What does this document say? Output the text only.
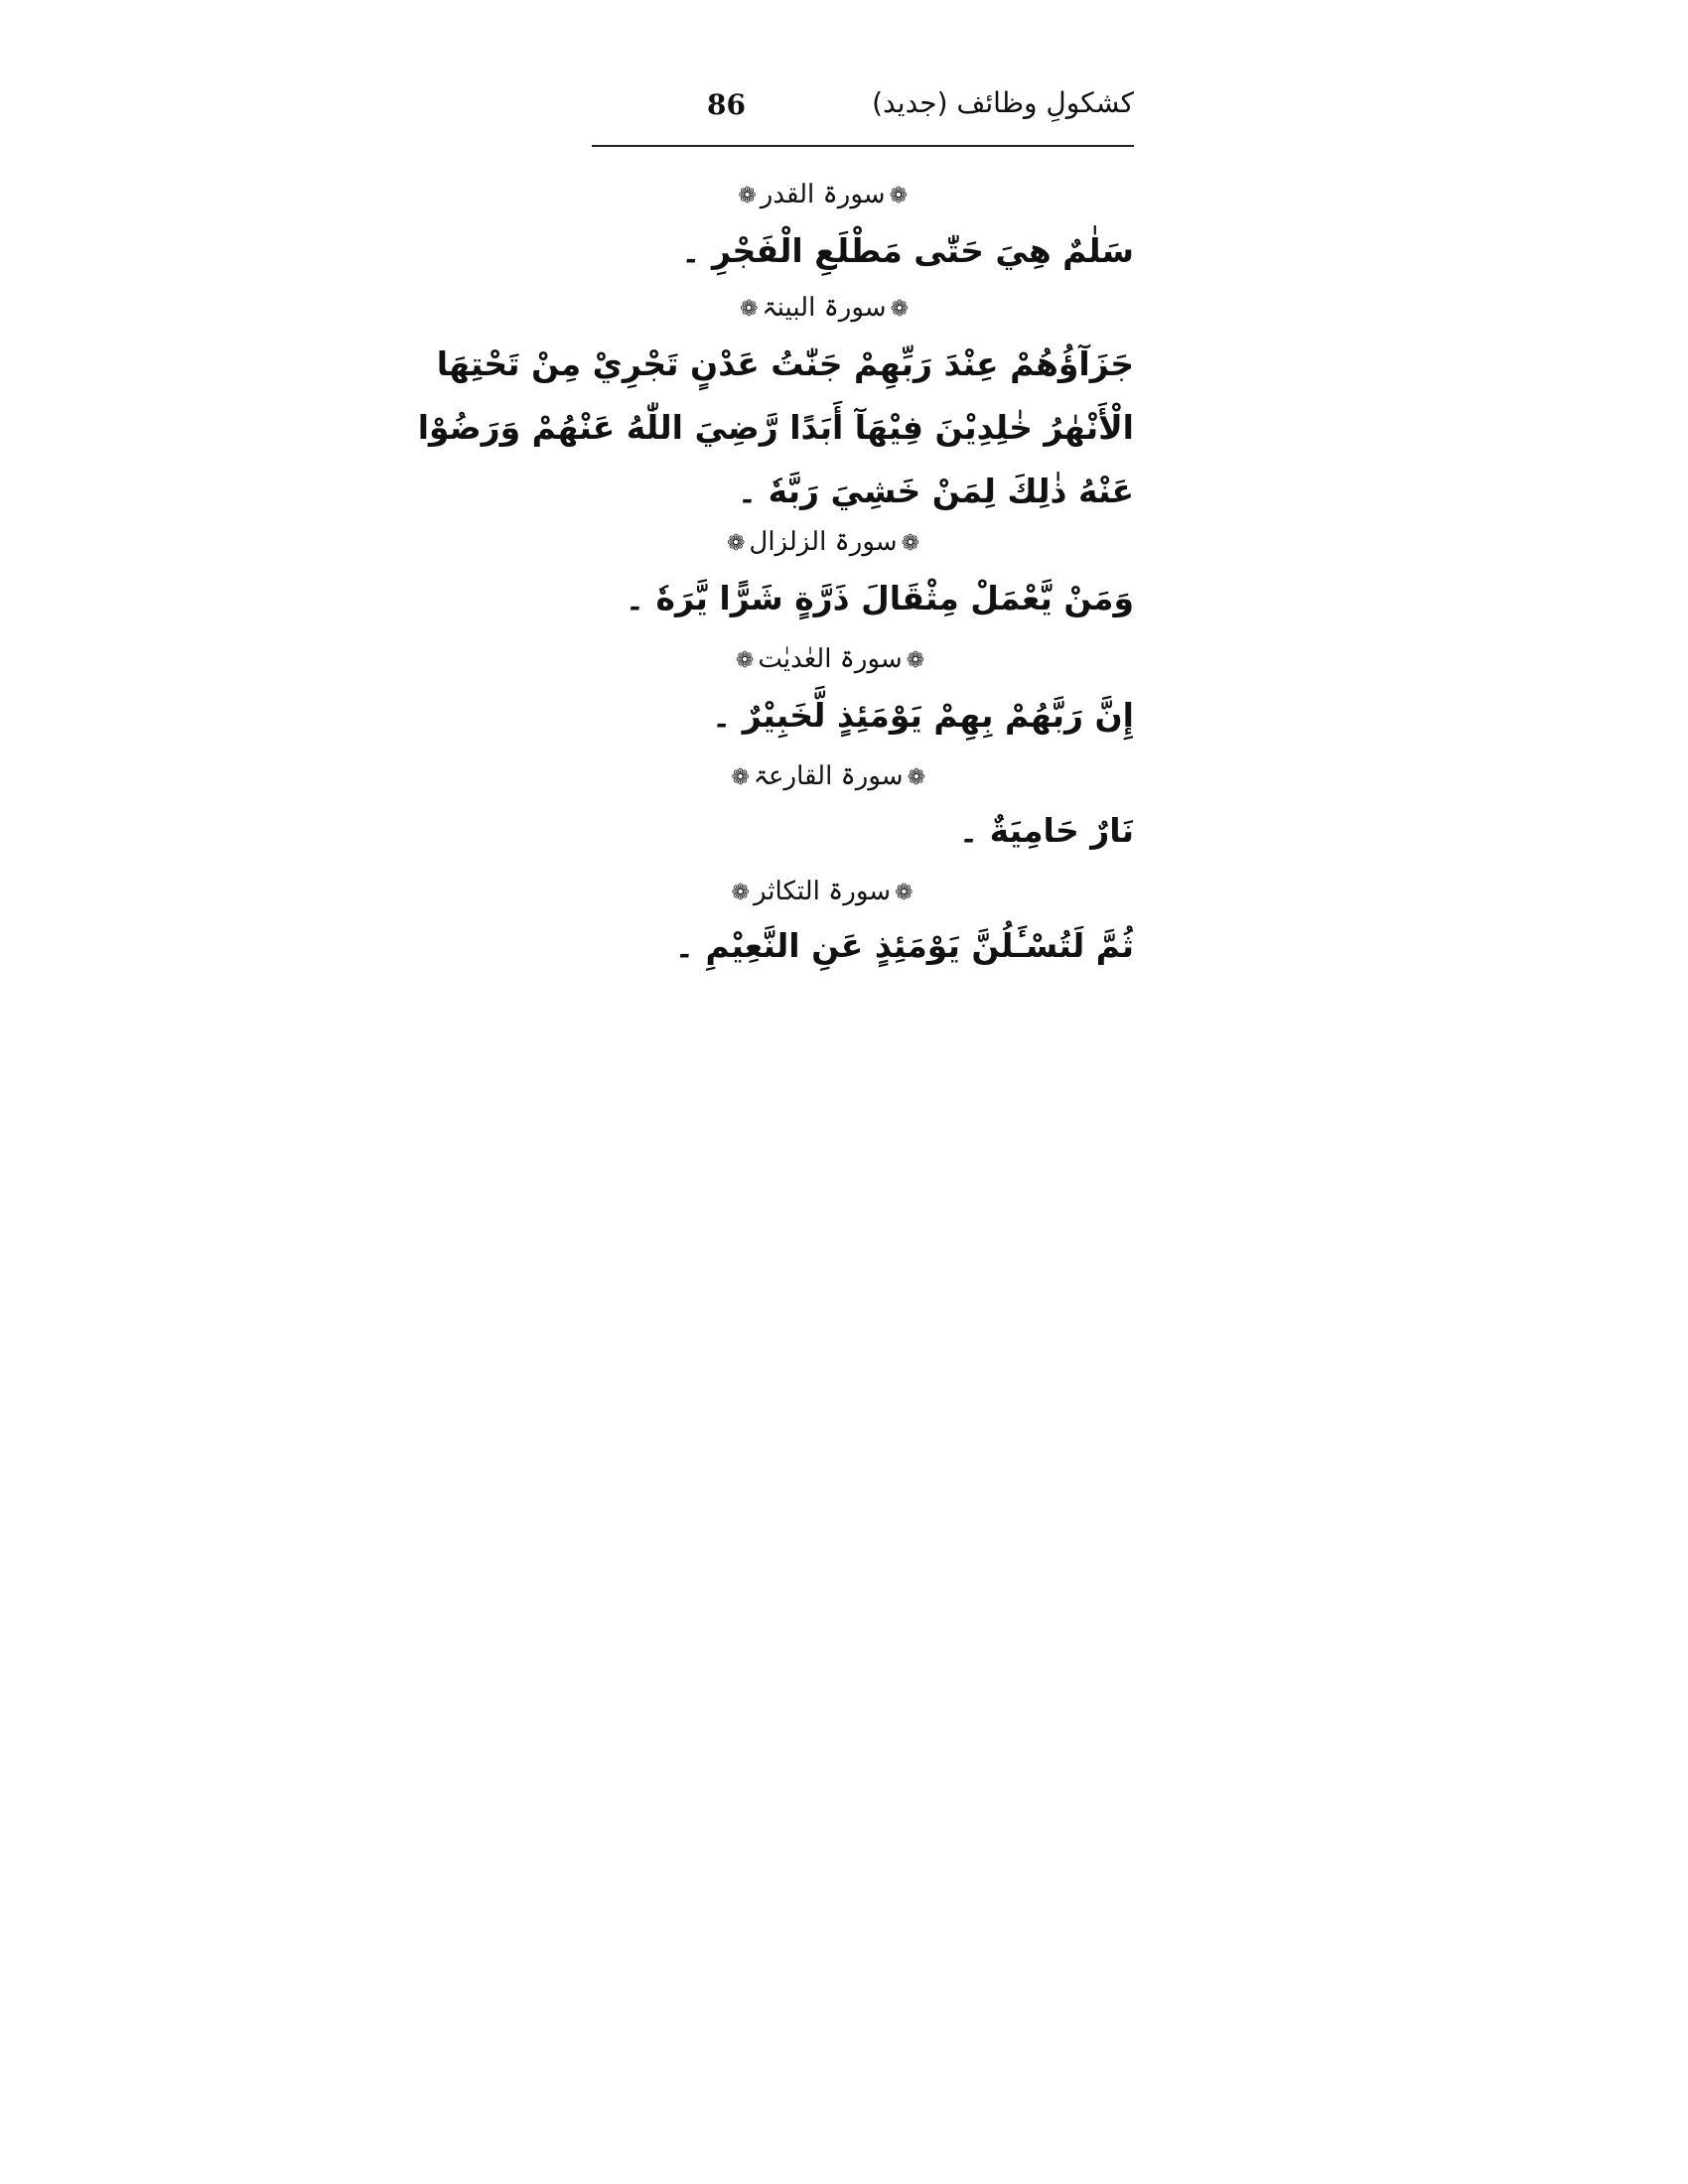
86	کشکولِ وظائف (جدید)
❁سورۃ القدر❁
سَلٰمٌ هِيَ حَتّٰى مَطْلَعِ الْفَجْرِ ۔
❁سورۃ البینۃ❁
جَزَآؤُهُمْ عِنْدَ رَبِّهِمْ جَنّٰتُ عَدْنٍ تَجْرِيْ مِنْ تَحْتِهَا
الْأَنْهٰرُ خٰلِدِيْنَ فِيْهَآ أَبَدًا رَّضِيَ اللّٰهُ عَنْهُمْ وَرَضُوْا
عَنْهُ ذٰلِكَ لِمَنْ خَشِيَ رَبَّهٗ ۔
❁سورۃ الزلزال❁
وَمَنْ يَّعْمَلْ مِثْقَالَ ذَرَّةٍ شَرًّا يَّرَهٗ ۔
❁سورۃ العٰدیٰت❁
إِنَّ رَبَّهُمْ بِهِمْ يَوْمَئِذٍ لَّخَبِيْرٌ ۔
❁سورۃ القارعۃ❁
نَارٌ حَامِيَةٌ ۔
❁سورۃ التکاثر❁
ثُمَّ لَتُسْـَٔلُنَّ يَوْمَئِذٍ عَنِ النَّعِيْمِ ۔
